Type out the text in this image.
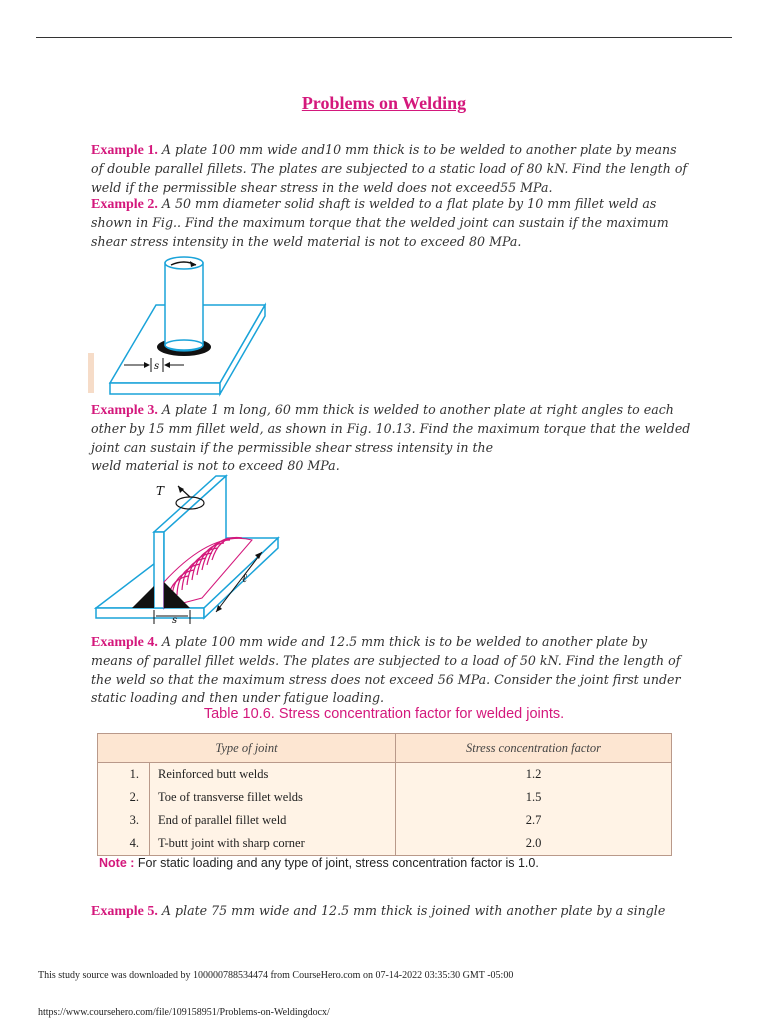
Problems on Welding

Example 1. A plate 100 mm wide and10 mm thick is to be welded to another plate by means of double parallel fillets. The plates are subjected to a static load of 80 kN. Find the length of weld if the permissible shear stress in the weld does not exceed55 MPa.

Example 2. A 50 mm diameter solid shaft is welded to a flat plate by 10 mm fillet weld as shown in Fig.. Find the maximum torque that the welded joint can sustain if the maximum shear stress intensity in the weld material is not to exceed 80 MPa.

s

Example 3. A plate 1 m long, 60 mm thick is welded to another plate at right angles to each other by 15 mm fillet weld, as shown in Fig. 10.13. Find the maximum torque that the welded joint can sustain if the permissible shear stress intensity in the
weld material is not to exceed 80 MPa.

T
ℓ
s

Example 4. A plate 100 mm wide and 12.5 mm thick is to be welded to another plate by means of parallel fillet welds. The plates are subjected to a load of 50 kN. Find the length of the weld so that the maximum stress does not exceed 56 MPa. Consider the joint first under static loading and then under fatigue loading.

Table 10.6. Stress concentration factor for welded joints.
Type of joint		Stress concentration factor
1.	Reinforced butt welds	1.2
2.	Toe of transverse fillet welds	1.5
3.	End of parallel fillet weld	2.7
4.	T-butt joint with sharp corner	2.0
Note : For static loading and any type of joint, stress concentration factor is 1.0.

Example 5. A plate 75 mm wide and 12.5 mm thick is joined with another plate by a single

This study source was downloaded by 100000788534474 from CourseHero.com on 07-14-2022 03:35:30 GMT -05:00
https://www.coursehero.com/file/109158951/Problems-on-Weldingdocx/
